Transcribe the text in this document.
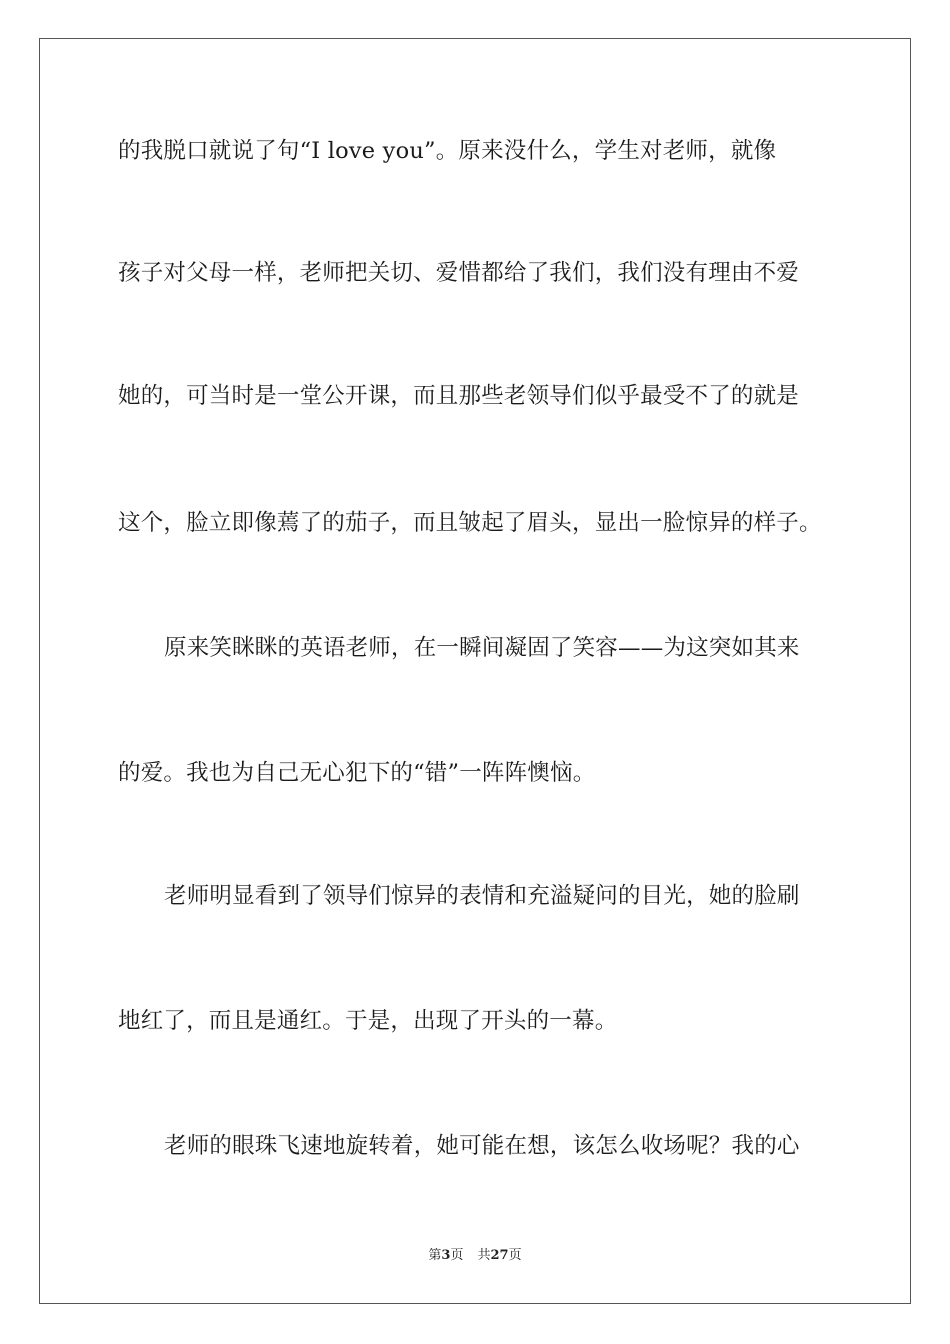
的我脱口就说了句“I love you”。原来没什么，学生对老师，就像
孩子对父母一样，老师把关切、爱惜都给了我们，我们没有理由不爱
她的，可当时是一堂公开课，而且那些老领导们似乎最受不了的就是
这个，脸立即像蔫了的茄子，而且皱起了眉头，显出一脸惊异的样子。
原来笑眯眯的英语老师，在一瞬间凝固了笑容——为这突如其来
的爱。我也为自己无心犯下的“错”一阵阵懊恼。
老师明显看到了领导们惊异的表情和充溢疑问的目光，她的脸刷
地红了，而且是通红。于是，出现了开头的一幕。
老师的眼珠飞速地旋转着，她可能在想，该怎么收场呢？我的心
第3页 共27页
